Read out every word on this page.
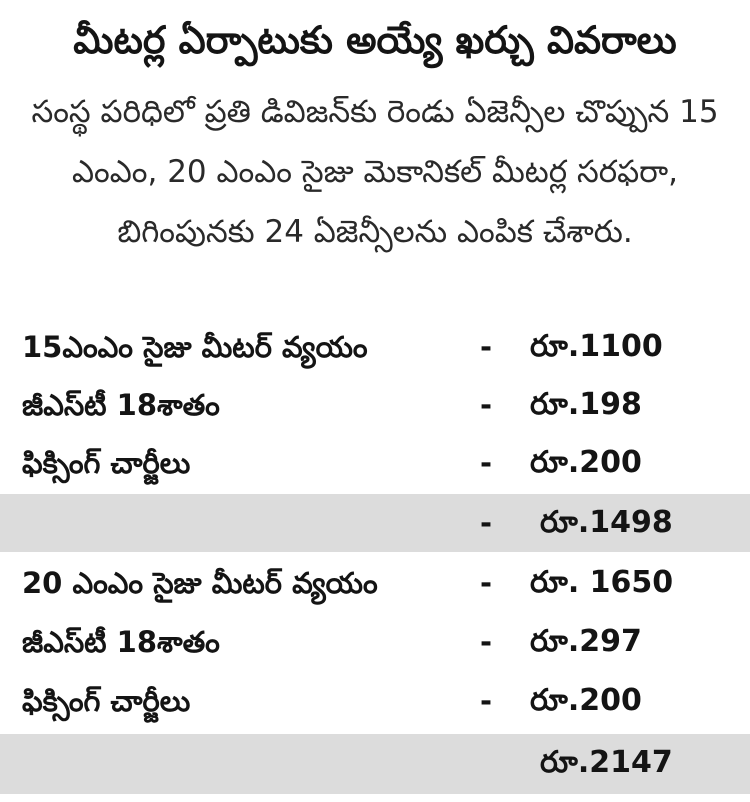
మీటర్ల ఏర్పాటుకు అయ్యే ఖర్చు వివరాలు
సంస్థ పరిధిలో ప్రతి డివిజన్‌కు రెండు ఏజెన్సీల చొప్పున 15 ఎంఎం, 20 ఎంఎం సైజు మెకానికల్ మీటర్ల సరఫరా, బిగింపునకు 24 ఏజెన్సీలను ఎంపిక చేశారు.
15ఎంఎం సైజు మీటర్ వ్యయం	- రూ.1100
జీఎస్‌టీ 18శాతం	- రూ.198
ఫిక్సింగ్ చార్జీలు	- రూ.200
- రూ.1498
20 ఎంఎం సైజు మీటర్ వ్యయం	- రూ. 1650
జీఎస్‌టీ 18శాతం	- రూ.297
ఫిక్సింగ్ చార్జీలు	- రూ.200
రూ.2147
